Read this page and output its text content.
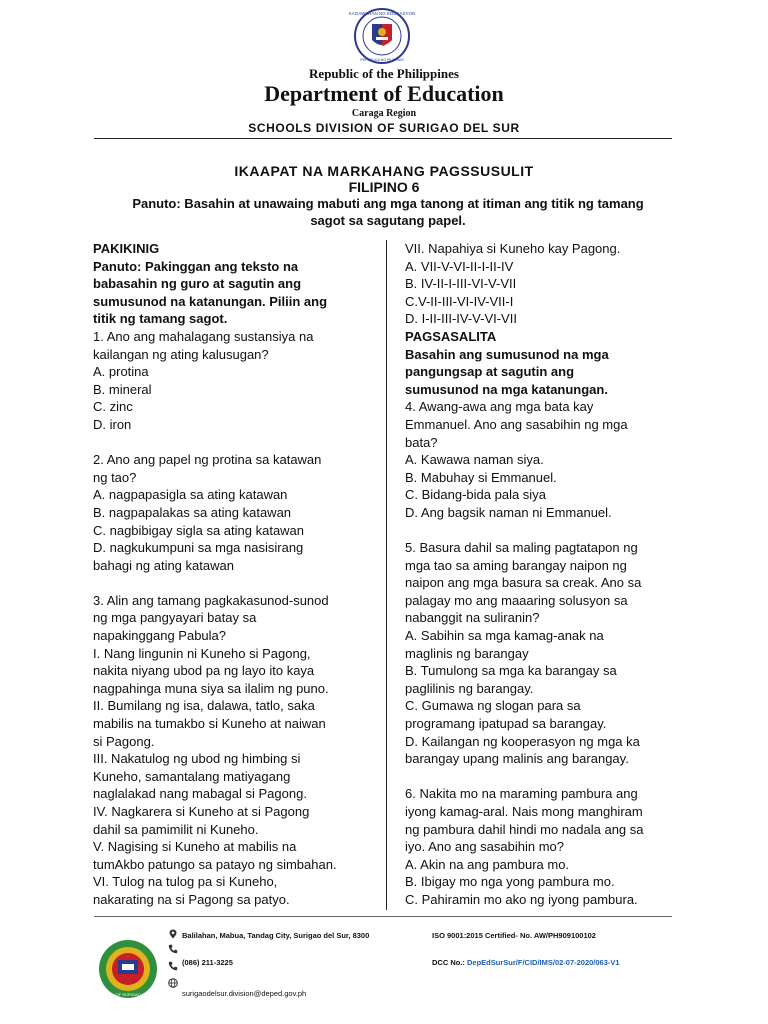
KAGAWARAN NG EDUKASYON
REPUBLIKA NG PILIPINAS
Republic of the Philippines
Department of Education
Caraga Region
SCHOOLS DIVISION OF SURIGAO DEL SUR
IKAAPAT NA MARKAHANG PAGSSUSULIT
FILIPINO 6
Panuto: Basahin at unawaing mabuti ang mga tanong at itiman ang titik ng tamang
sagot sa sagutang papel.
PAKIKINIG
Panuto: Pakinggan ang teksto na
babasahin ng guro at sagutin ang
sumusunod na katanungan. Piliin ang
titik ng tamang sagot.
1. Ano ang mahalagang sustansiya na
kailangan ng ating kalusugan?
A. protina
B. mineral
C. zinc
D. iron
2. Ano ang papel ng protina sa katawan
ng tao?
A. nagpapasigla sa ating katawan
B. nagpapalakas sa ating katawan
C. nagbibigay sigla sa ating katawan
D. nagkukumpuni sa mga nasisirang
bahagi ng ating katawan
3. Alin ang tamang pagkakasunod-sunod
ng mga pangyayari batay sa
napakinggang Pabula?
I. Nang lingunin ni Kuneho si Pagong,
nakita niyang ubod pa ng layo ito kaya
nagpahinga muna siya sa ilalim ng puno.
II. Bumilang ng isa, dalawa, tatlo, saka
mabilis na tumakbo si Kuneho at naiwan
si Pagong.
III. Nakatulog ng ubod ng himbing si
Kuneho, samantalang matiyagang
naglalakad nang mabagal si Pagong.
IV. Nagkarera si Kuneho at si Pagong
dahil sa pamimilit ni Kuneho.
V. Nagising si Kuneho at mabilis na
tumAkbo patungo sa patayo ng simbahan.
VI. Tulog na tulog pa si Kuneho,
nakarating na si Pagong sa patyo.
VII. Napahiya si Kuneho kay Pagong.
A. VII-V-VI-II-I-II-IV
B. IV-II-I-III-VI-V-VII
C.V-II-III-VI-IV-VII-I
D. I-II-III-IV-V-VI-VII
PAGSASALITA
Basahin ang sumusunod na mga
pangungsap at sagutin ang
sumusunod na mga katanungan.
4. Awang-awa ang mga bata kay
Emmanuel. Ano ang sasabihin ng mga
bata?
A. Kawawa naman siya.
B. Mabuhay si Emmanuel.
C. Bidang-bida pala siya
D. Ang bagsik naman ni Emmanuel.
5. Basura dahil sa maling pagtatapon ng
mga tao sa aming barangay naipon ng
naipon ang mga basura sa creak. Ano sa
palagay mo ang maaaring solusyon sa
nabanggit na suliranin?
A. Sabihin sa mga kamag-anak na
maglinis ng barangay
B. Tumulong sa mga ka barangay sa
paglilinis ng barangay.
C. Gumawa ng slogan para sa
programang ipatupad sa barangay.
D. Kailangan ng kooperasyon ng mga ka
barangay upang malinis ang barangay.
6. Nakita mo na maraming pambura ang
iyong kamag-aral. Nais mong manghiram
ng pambura dahil hindi mo nadala ang sa
iyo. Ano ang sasabihin mo?
A. Akin na ang pambura mo.
B. Ibigay mo nga yong pambura mo.
C. Pahiramin mo ako ng iyong pambura.
DIVISION OF SURIGAO DEL SUR
Balilahan, Mabua, Tandag City, Surigao del Sur, 8300
(086) 211-3225
surigaodelsur.division@deped.gov.ph
ISO 9001:2015 Certified- No. AW/PH909100102
DCC No.: DepEdSurSur/F/CID/IMS/02-07-2020/063-V1
